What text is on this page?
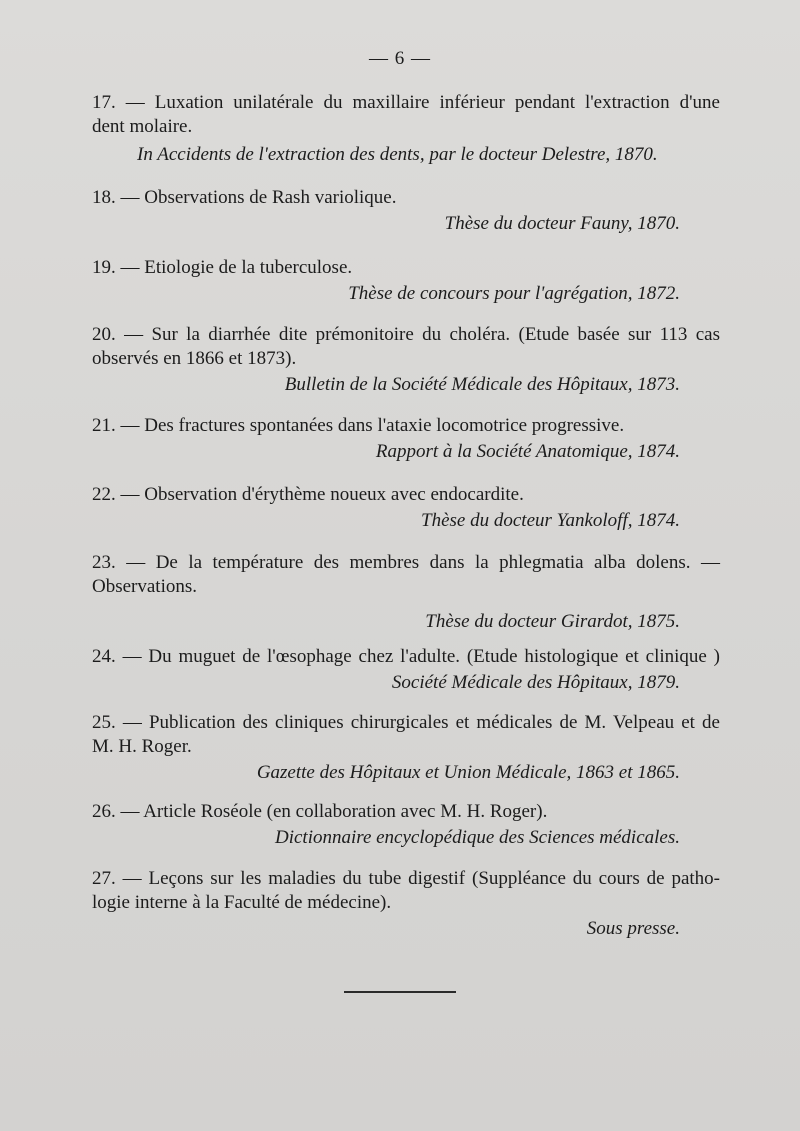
— 6 —
17. — Luxation unilatérale du maxillaire inférieur pendant l'extraction d'une
dent molaire.
In Accidents de l'extraction des dents, par le docteur Delestre, 1870.
18. — Observations de Rash variolique.
Thèse du docteur Fauny, 1870.
19. — Etiologie de la tuberculose.
Thèse de concours pour l'agrégation, 1872.
20. — Sur la diarrhée dite prémonitoire du choléra. (Etude basée sur 113 cas
observés en 1866 et 1873).
Bulletin de la Société Médicale des Hôpitaux, 1873.
21. — Des fractures spontanées dans l'ataxie locomotrice progressive.
Rapport à la Société Anatomique, 1874.
22. — Observation d'érythème noueux avec endocardite.
Thèse du docteur Yankoloff, 1874.
23. — De la température des membres dans la phlegmatia alba dolens. —
Observations.
Thèse du docteur Girardot, 1875.
24. — Du muguet de l'œsophage chez l'adulte. (Etude histologique et clinique )
Société Médicale des Hôpitaux, 1879.
25. — Publication des cliniques chirurgicales et médicales de M. Velpeau et de
M. H. Roger.
Gazette des Hôpitaux et Union Médicale, 1863 et 1865.
26. — Article Roséole (en collaboration avec M. H. Roger).
Dictionnaire encyclopédique des Sciences médicales.
27. — Leçons sur les maladies du tube digestif (Suppléance du cours de patho-
logie interne à la Faculté de médecine).
Sous presse.
